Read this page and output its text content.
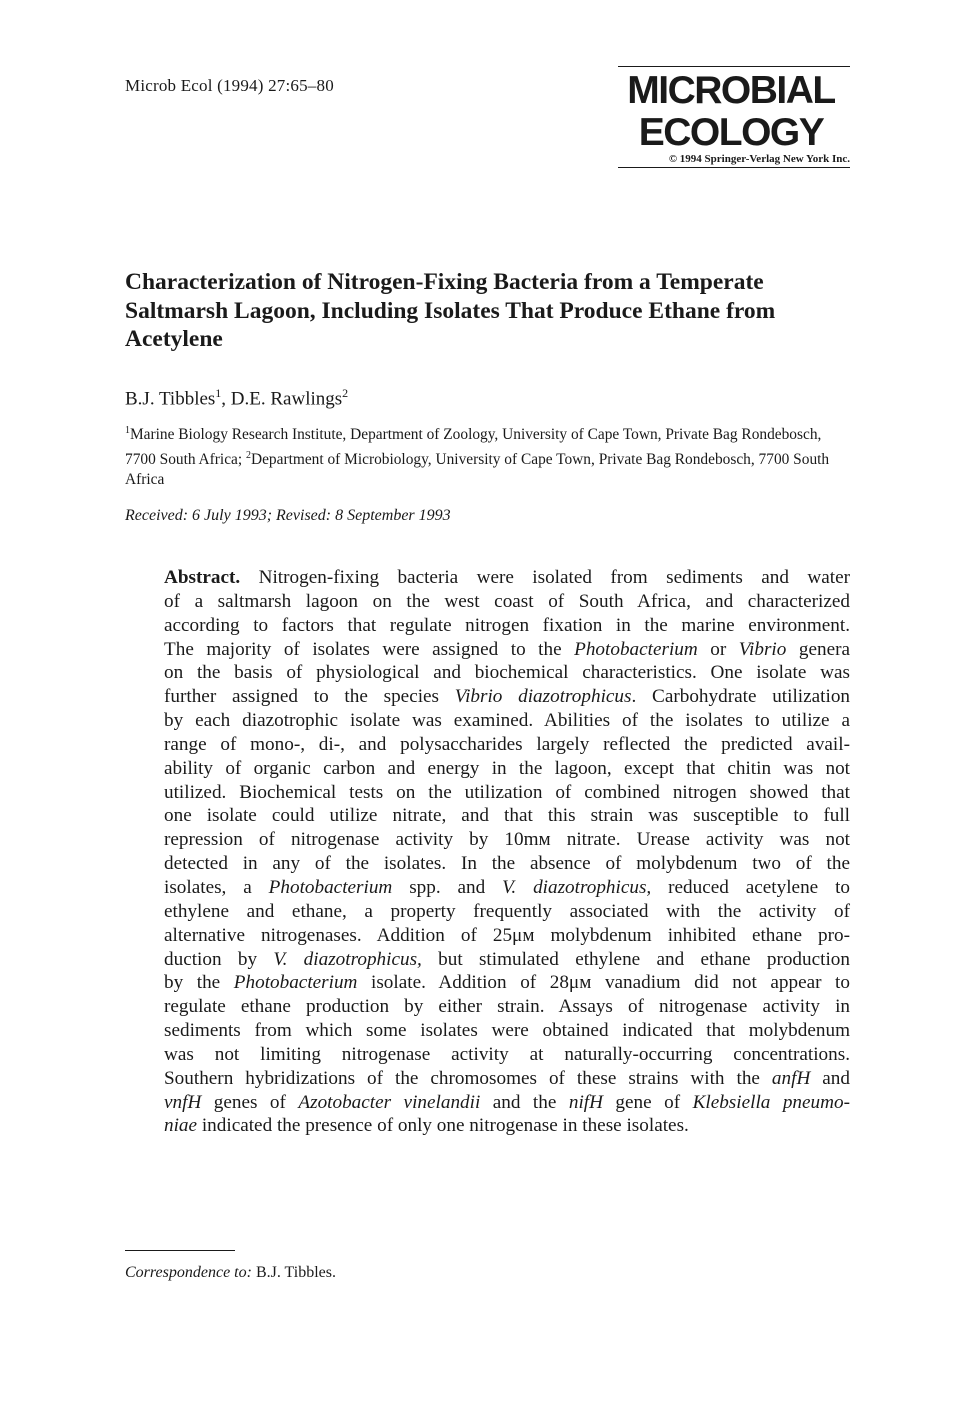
Microb Ecol (1994) 27:65–80	MICROBIAL
ECOLOGY
© 1994 Springer-Verlag New York Inc.
Characterization of Nitrogen-Fixing Bacteria from a Temperate Saltmarsh Lagoon, Including Isolates That Produce Ethane from Acetylene
B.J. Tibbles$^1$, D.E. Rawlings$^2$
$^1$Marine Biology Research Institute, Department of Zoology, University of Cape Town, Private Bag Rondebosch, 7700 South Africa; $^2$Department of Microbiology, University of Cape Town, Private Bag Rondebosch, 7700 South Africa
Received: 6 July 1993; Revised: 8 September 1993
Abstract. Nitrogen-fixing bacteria were isolated from sediments and water
of a saltmarsh lagoon on the west coast of South Africa, and characterized
according to factors that regulate nitrogen fixation in the marine environment.
The majority of isolates were assigned to the Photobacterium or Vibrio genera
on the basis of physiological and biochemical characteristics. One isolate was
further assigned to the species Vibrio diazotrophicus. Carbohydrate utilization
by each diazotrophic isolate was examined. Abilities of the isolates to utilize a
range of mono-, di-, and polysaccharides largely reflected the predicted avail-
ability of organic carbon and energy in the lagoon, except that chitin was not
utilized. Biochemical tests on the utilization of combined nitrogen showed that
one isolate could utilize nitrate, and that this strain was susceptible to full
repression of nitrogenase activity by 10mᴍ nitrate. Urease activity was not
detected in any of the isolates. In the absence of molybdenum two of the
isolates, a Photobacterium spp. and V. diazotrophicus, reduced acetylene to
ethylene and ethane, a property frequently associated with the activity of
alternative nitrogenases. Addition of 25μᴍ molybdenum inhibited ethane pro-
duction by V. diazotrophicus, but stimulated ethylene and ethane production
by the Photobacterium isolate. Addition of 28μᴍ vanadium did not appear to
regulate ethane production by either strain. Assays of nitrogenase activity in
sediments from which some isolates were obtained indicated that molybdenum
was not limiting nitrogenase activity at naturally-occurring concentrations.
Southern hybridizations of the chromosomes of these strains with the anfH and
vnfH genes of Azotobacter vinelandii and the nifH gene of Klebsiella pneumo-
niae indicated the presence of only one nitrogenase in these isolates.
Correspondence to: B.J. Tibbles.
